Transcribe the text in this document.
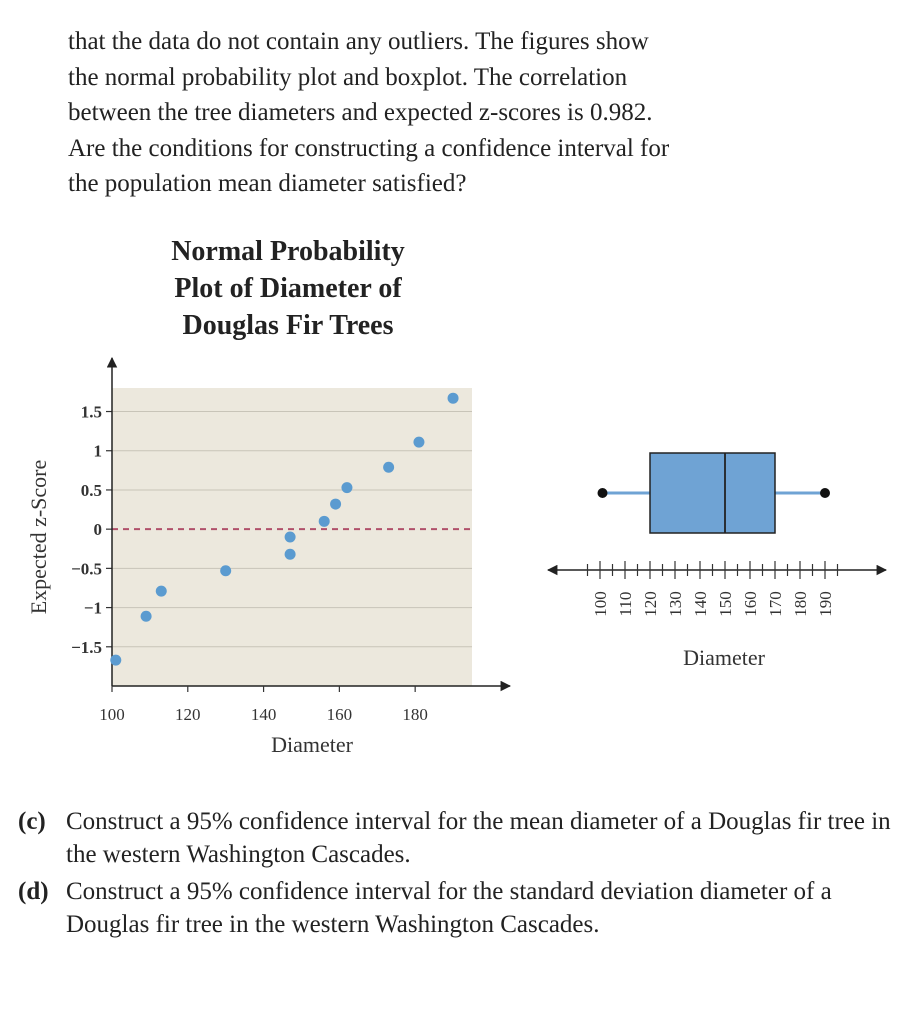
that the data do not contain any outliers. The figures show

the normal probability plot and boxplot. The correlation

between the tree diameters and expected z-scores is 0.982.

Are the conditions for constructing a confidence interval for

the population mean diameter satisfied?

Normal Probability
Plot of Diameter of
Douglas Fir Trees
1.5
1
0.5
0
−0.5
−1
−1.5
100	120	140	160	180
Diameter
Expected z-Score	100 110 120 130 140 150 160 170 180 190
Diameter
(c) Construct a 95% confidence interval for the mean diameter of a Douglas fir tree in the western Washington Cascades.
(d) Construct a 95% confidence interval for the standard deviation diameter of a Douglas fir tree in the western Washington Cascades.
